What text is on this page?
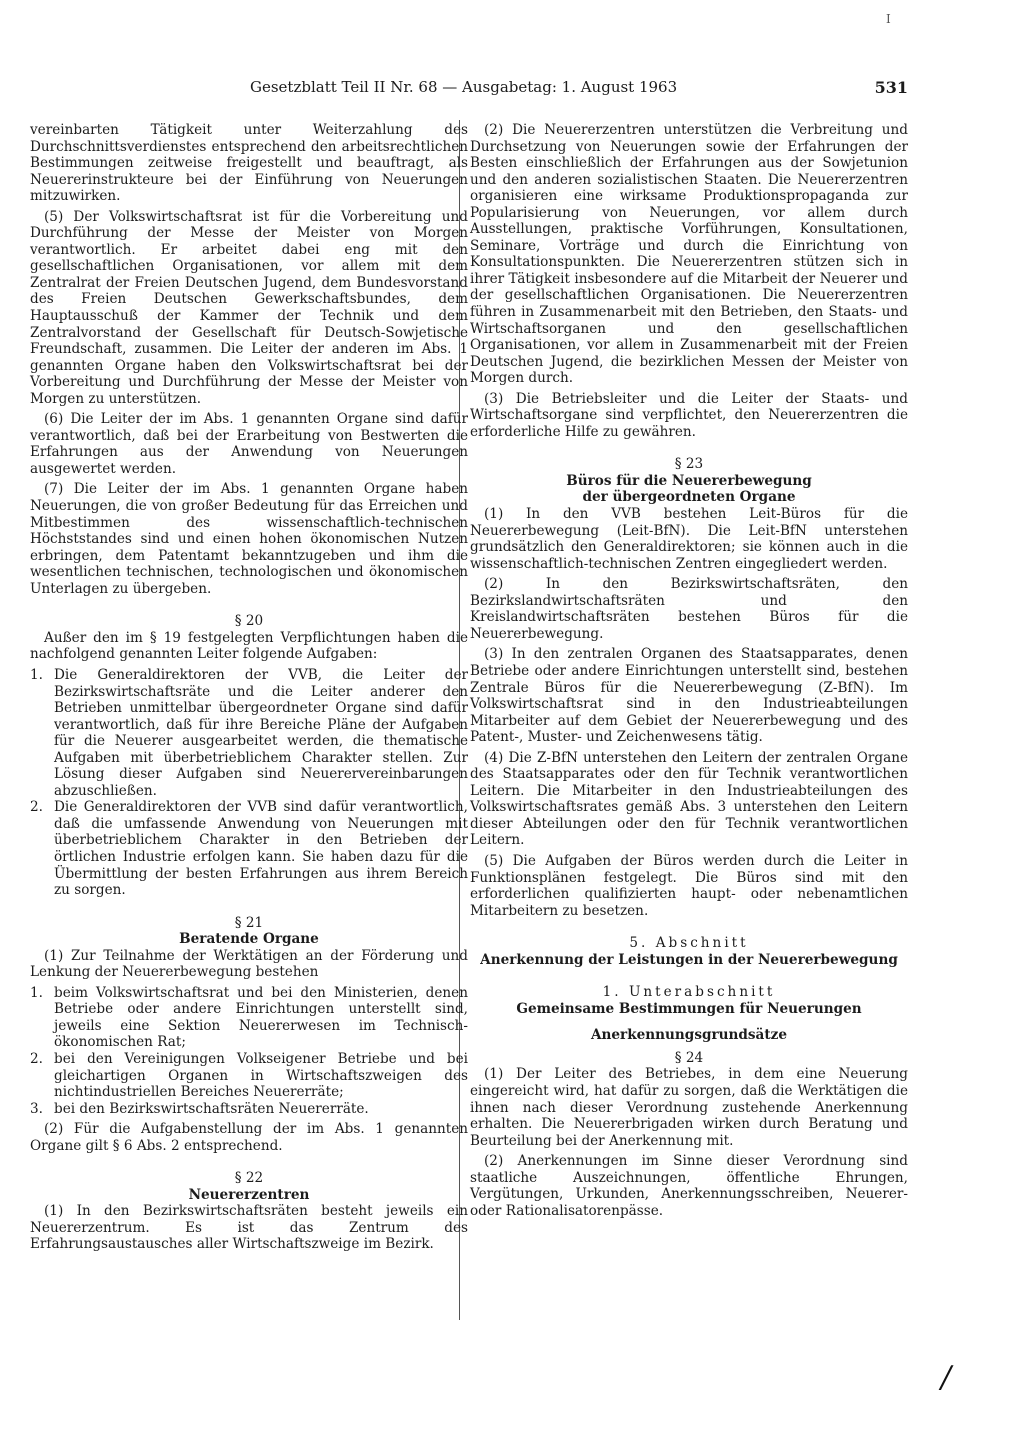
I
Gesetzblatt Teil II Nr. 68 — Ausgabetag: 1. August 1963	531

vereinbarten Tätigkeit unter Weiterzahlung des Durchschnittsverdienstes entsprechend den arbeitsrechtlichen Bestimmungen zeitweise freigestellt und beauftragt, als Neuererinstrukteure bei der Einführung von Neuerungen mitzuwirken.

(5) Der Volkswirtschaftsrat ist für die Vorbereitung und Durchführung der Messe der Meister von Morgen verantwortlich. Er arbeitet dabei eng mit den gesellschaftlichen Organisationen, vor allem mit dem Zentralrat der Freien Deutschen Jugend, dem Bundesvorstand des Freien Deutschen Gewerkschaftsbundes, dem Hauptausschuß der Kammer der Technik und dem Zentralvorstand der Gesellschaft für Deutsch-Sowjetische Freundschaft, zusammen. Die Leiter der anderen im Abs. 1 genannten Organe haben den Volkswirtschaftsrat bei der Vorbereitung und Durchführung der Messe der Meister von Morgen zu unterstützen.

(6) Die Leiter der im Abs. 1 genannten Organe sind dafür verantwortlich, daß bei der Erarbeitung von Bestwerten die Erfahrungen aus der Anwendung von Neuerungen ausgewertet werden.

(7) Die Leiter der im Abs. 1 genannten Organe haben Neuerungen, die von großer Bedeutung für das Erreichen und Mitbestimmen des wissenschaftlich-technischen Höchststandes sind und einen hohen ökonomischen Nutzen erbringen, dem Patentamt bekanntzugeben und ihm die wesentlichen technischen, technologischen und ökonomischen Unterlagen zu übergeben.

§ 20

Außer den im § 19 festgelegten Verpflichtungen haben die nachfolgend genannten Leiter folgende Aufgaben:

1. Die Generaldirektoren der VVB, die Leiter der Bezirkswirtschaftsräte und die Leiter anderer den Betrieben unmittelbar übergeordneter Organe sind dafür verantwortlich, daß für ihre Bereiche Pläne der Aufgaben für die Neuerer ausgearbeitet werden, die thematische Aufgaben mit überbetrieblichem Charakter stellen. Zur Lösung dieser Aufgaben sind Neuerervereinbarungen abzuschließen.
2. Die Generaldirektoren der VVB sind dafür verantwortlich, daß die umfassende Anwendung von Neuerungen mit überbetrieblichem Charakter in den Betrieben der örtlichen Industrie erfolgen kann. Sie haben dazu für die Übermittlung der besten Erfahrungen aus ihrem Bereich zu sorgen.
§ 21
Beratende Organe

(1) Zur Teilnahme der Werktätigen an der Förderung und Lenkung der Neuererbewegung bestehen

1. beim Volkswirtschaftsrat und bei den Ministerien, denen Betriebe oder andere Einrichtungen unterstellt sind, jeweils eine Sektion Neuererwesen im Technisch-ökonomischen Rat;
2. bei den Vereinigungen Volkseigener Betriebe und bei gleichartigen Organen in Wirtschaftszweigen des nichtindustriellen Bereiches Neuererräte;
3. bei den Bezirkswirtschaftsräten Neuererräte.

(2) Für die Aufgabenstellung der im Abs. 1 genannten Organe gilt § 6 Abs. 2 entsprechend.

§ 22
Neuererzentren

(1) In den Bezirkswirtschaftsräten besteht jeweils ein Neuererzentrum. Es ist das Zentrum des Erfahrungsaustausches aller Wirtschaftszweige im Bezirk.

(2) Die Neuererzentren unterstützen die Verbreitung und Durchsetzung von Neuerungen sowie der Erfahrungen der Besten einschließlich der Erfahrungen aus der Sowjetunion und den anderen sozialistischen Staaten. Die Neuererzentren organisieren eine wirksame Produktionspropaganda zur Popularisierung von Neuerungen, vor allem durch Ausstellungen, praktische Vorführungen, Konsultationen, Seminare, Vorträge und durch die Einrichtung von Konsultationspunkten. Die Neuererzentren stützen sich in ihrer Tätigkeit insbesondere auf die Mitarbeit der Neuerer und der gesellschaftlichen Organisationen. Die Neuererzentren führen in Zusammenarbeit mit den Betrieben, den Staats- und Wirtschaftsorganen und den gesellschaftlichen Organisationen, vor allem in Zusammenarbeit mit der Freien Deutschen Jugend, die bezirklichen Messen der Meister von Morgen durch.

(3) Die Betriebsleiter und die Leiter der Staats- und Wirtschaftsorgane sind verpflichtet, den Neuererzentren die erforderliche Hilfe zu gewähren.

§ 23
Büros für die Neuererbewegung
der übergeordneten Organe

(1) In den VVB bestehen Leit-Büros für die Neuererbewegung (Leit-BfN). Die Leit-BfN unterstehen grundsätzlich den Generaldirektoren; sie können auch in die wissenschaftlich-technischen Zentren eingegliedert werden.

(2) In den Bezirkswirtschaftsräten, den Bezirkslandwirtschaftsräten und den Kreislandwirtschaftsräten bestehen Büros für die Neuererbewegung.

(3) In den zentralen Organen des Staatsapparates, denen Betriebe oder andere Einrichtungen unterstellt sind, bestehen Zentrale Büros für die Neuererbewegung (Z-BfN). Im Volkswirtschaftsrat sind in den Industrieabteilungen Mitarbeiter auf dem Gebiet der Neuererbewegung und des Patent-, Muster- und Zeichenwesens tätig.

(4) Die Z-BfN unterstehen den Leitern der zentralen Organe des Staatsapparates oder den für Technik verantwortlichen Leitern. Die Mitarbeiter in den Industrieabteilungen des Volkswirtschaftsrates gemäß Abs. 3 unterstehen den Leitern dieser Abteilungen oder den für Technik verantwortlichen Leitern.

(5) Die Aufgaben der Büros werden durch die Leiter in Funktionsplänen festgelegt. Die Büros sind mit den erforderlichen qualifizierten haupt- oder nebenamtlichen Mitarbeitern zu besetzen.

5. Abschnitt
Anerkennung der Leistungen in der Neuererbewegung
1. Unterabschnitt
Gemeinsame Bestimmungen für Neuerungen
Anerkennungsgrundsätze
§ 24

(1) Der Leiter des Betriebes, in dem eine Neuerung eingereicht wird, hat dafür zu sorgen, daß die Werktätigen die ihnen nach dieser Verordnung zustehende Anerkennung erhalten. Die Neuererbrigaden wirken durch Beratung und Beurteilung bei der Anerkennung mit.

(2) Anerkennungen im Sinne dieser Verordnung sind staatliche Auszeichnungen, öffentliche Ehrungen, Vergütungen, Urkunden, Anerkennungsschreiben, Neuerer- oder Rationalisatorenpässe.

/
